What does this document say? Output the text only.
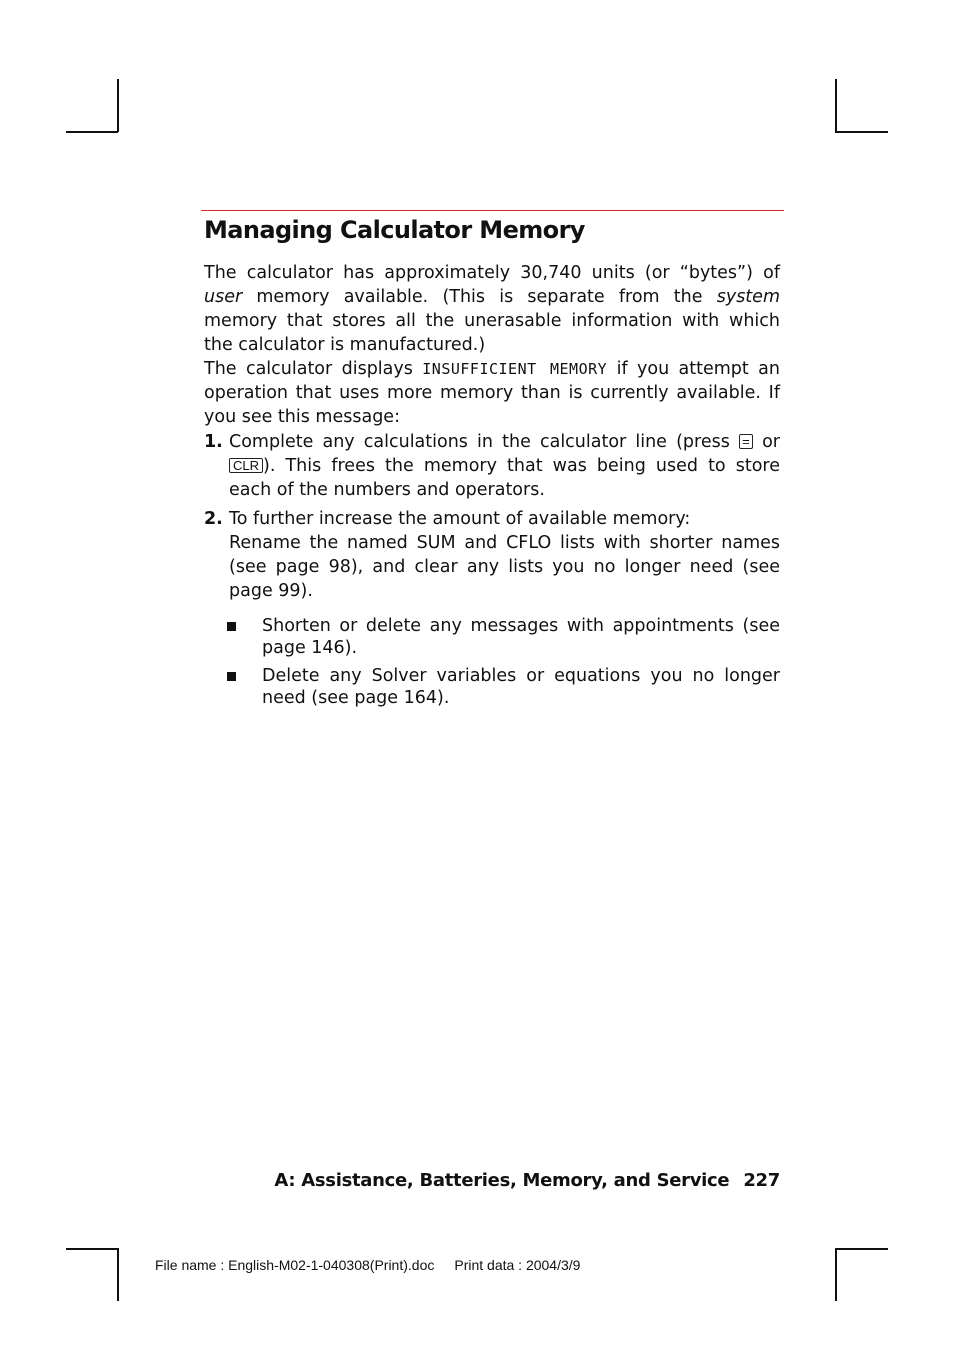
Managing Calculator Memory

The calculator has approximately 30,740 units (or “bytes”) of user memory available. (This is separate from the system memory that stores all the unerasable information with which the calculator is manufactured.)

The calculator displays INSUFFICIENT MEMORY if you attempt an operation that uses more memory than is currently available. If you see this message:

1. Complete any calculations in the calculator line (press = or CLR ). This frees the memory that was being used to store each of the numbers and operators.
2. To further increase the amount of available memory:
Rename the named SUM and CFLO lists with shorter names (see page 98), and clear any lists you no longer need (see page 99).
Shorten or delete any messages with appointments (see page 146).
Delete any Solver variables or equations you no longer need (see page 164).
A: Assistance, Batteries, Memory, and Service 227
File name : English-M02-1-040308(Print).doc Print data : 2004/3/9
